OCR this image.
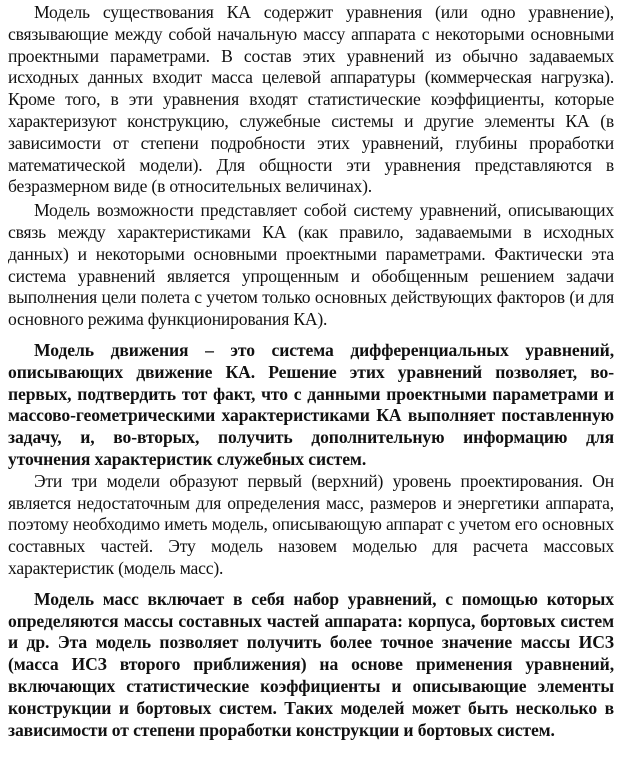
Модель существования КА содержит уравнения (или одно уравнение), связывающие между собой начальную массу аппарата с некоторыми основными проектными параметрами. В состав этих уравнений из обычно задаваемых исходных данных входит масса целевой аппаратуры (коммерческая нагрузка). Кроме того, в эти уравнения входят статистические коэффициенты, которые характеризуют конструкцию, служебные системы и другие элементы КА (в зависимости от степени подробности этих уравнений, глубины проработки математической модели). Для общности эти уравнения представляются в безразмерном виде (в относительных величинах).

Модель возможности представляет собой систему уравнений, описывающих связь между характеристиками КА (как правило, задаваемыми в исходных данных) и некоторыми основными проектными параметрами. Фактически эта система уравнений является упрощенным и обобщенным решением задачи выполнения цели полета с учетом только основных действующих факторов (и для основного режима функционирования КА).

Модель движения – это система дифференциальных уравнений, описывающих движение КА. Решение этих уравнений позволяет, во-первых, подтвердить тот факт, что с данными проектными параметрами и массово-геометрическими характеристиками КА выполняет поставленную задачу, и, во-вторых, получить дополнительную информацию для уточнения характеристик служебных систем.

Эти три модели образуют первый (верхний) уровень проектирования. Он является недостаточным для определения масс, размеров и энергетики аппарата, поэтому необходимо иметь модель, описывающую аппарат с учетом его основных составных частей. Эту модель назовем моделью для расчета массовых характеристик (модель масс).

Модель масс включает в себя набор уравнений, с помощью которых определяются массы составных частей аппарата: корпуса, бортовых систем и др. Эта модель позволяет получить более точное значение массы ИСЗ (масса ИСЗ второго приближения) на основе применения уравнений, включающих статистические коэффициенты и описывающие элементы конструкции и бортовых систем. Таких моделей может быть несколько в зависимости от степени проработки конструкции и бортовых систем.
